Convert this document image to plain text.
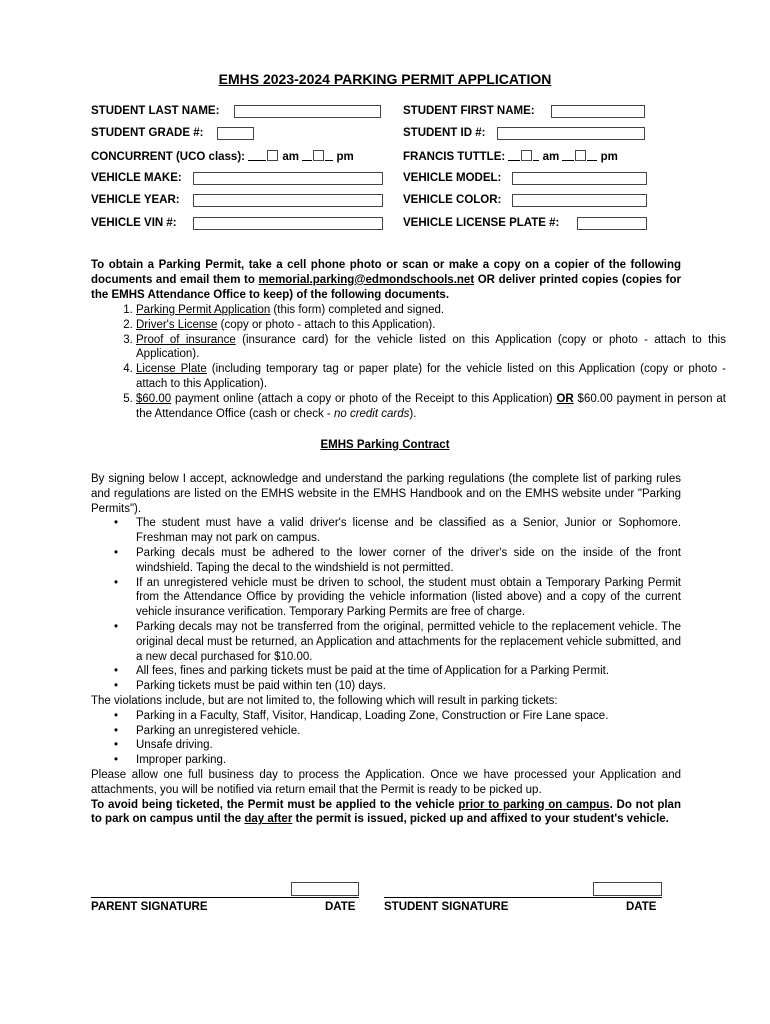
EMHS 2023-2024 PARKING PERMIT APPLICATION
STUDENT LAST NAME:	STUDENT FIRST NAME:
STUDENT GRADE #:	STUDENT ID #:
CONCURRENT (UCO class):	am	pm	FRANCIS TUTTLE:	am	pm
VEHICLE MAKE:	VEHICLE MODEL:
VEHICLE YEAR:	VEHICLE COLOR:
VEHICLE VIN #:	VEHICLE LICENSE PLATE #:
To obtain a Parking Permit, take a cell phone photo or scan or make a copy on a copier of the following documents and email them to memorial.parking@edmondschools.net OR deliver printed copies (copies for the EMHS Attendance Office to keep) of the following documents.
1. Parking Permit Application (this form) completed and signed.
2. Driver's License (copy or photo - attach to this Application).
3. Proof of insurance (insurance card) for the vehicle listed on this Application (copy or photo - attach to this Application).
4. License Plate (including temporary tag or paper plate) for the vehicle listed on this Application (copy or photo - attach to this Application).
5. $60.00 payment online (attach a copy or photo of the Receipt to this Application) OR $60.00 payment in person at the Attendance Office (cash or check - no credit cards).
EMHS Parking Contract
By signing below I accept, acknowledge and understand the parking regulations (the complete list of parking rules and regulations are listed on the EMHS website in the EMHS Handbook and on the EMHS website under "Parking Permits").
• The student must have a valid driver's license and be classified as a Senior, Junior or Sophomore. Freshman may not park on campus.
• Parking decals must be adhered to the lower corner of the driver's side on the inside of the front windshield. Taping the decal to the windshield is not permitted.
• If an unregistered vehicle must be driven to school, the student must obtain a Temporary Parking Permit from the Attendance Office by providing the vehicle information (listed above) and a copy of the current vehicle insurance verification. Temporary Parking Permits are free of charge.
• Parking decals may not be transferred from the original, permitted vehicle to the replacement vehicle. The original decal must be returned, an Application and attachments for the replacement vehicle submitted, and a new decal purchased for $10.00.
• All fees, fines and parking tickets must be paid at the time of Application for a Parking Permit.
• Parking tickets must be paid within ten (10) days.
The violations include, but are not limited to, the following which will result in parking tickets:
• Parking in a Faculty, Staff, Visitor, Handicap, Loading Zone, Construction or Fire Lane space.
• Parking an unregistered vehicle.
• Unsafe driving.
• Improper parking.
Please allow one full business day to process the Application. Once we have processed your Application and attachments, you will be notified via return email that the Permit is ready to be picked up.
To avoid being ticketed, the Permit must be applied to the vehicle prior to parking on campus. Do not plan to park on campus until the day after the permit is issued, picked up and affixed to your student's vehicle.
PARENT SIGNATURE	DATE STUDENT SIGNATURE	DATE
